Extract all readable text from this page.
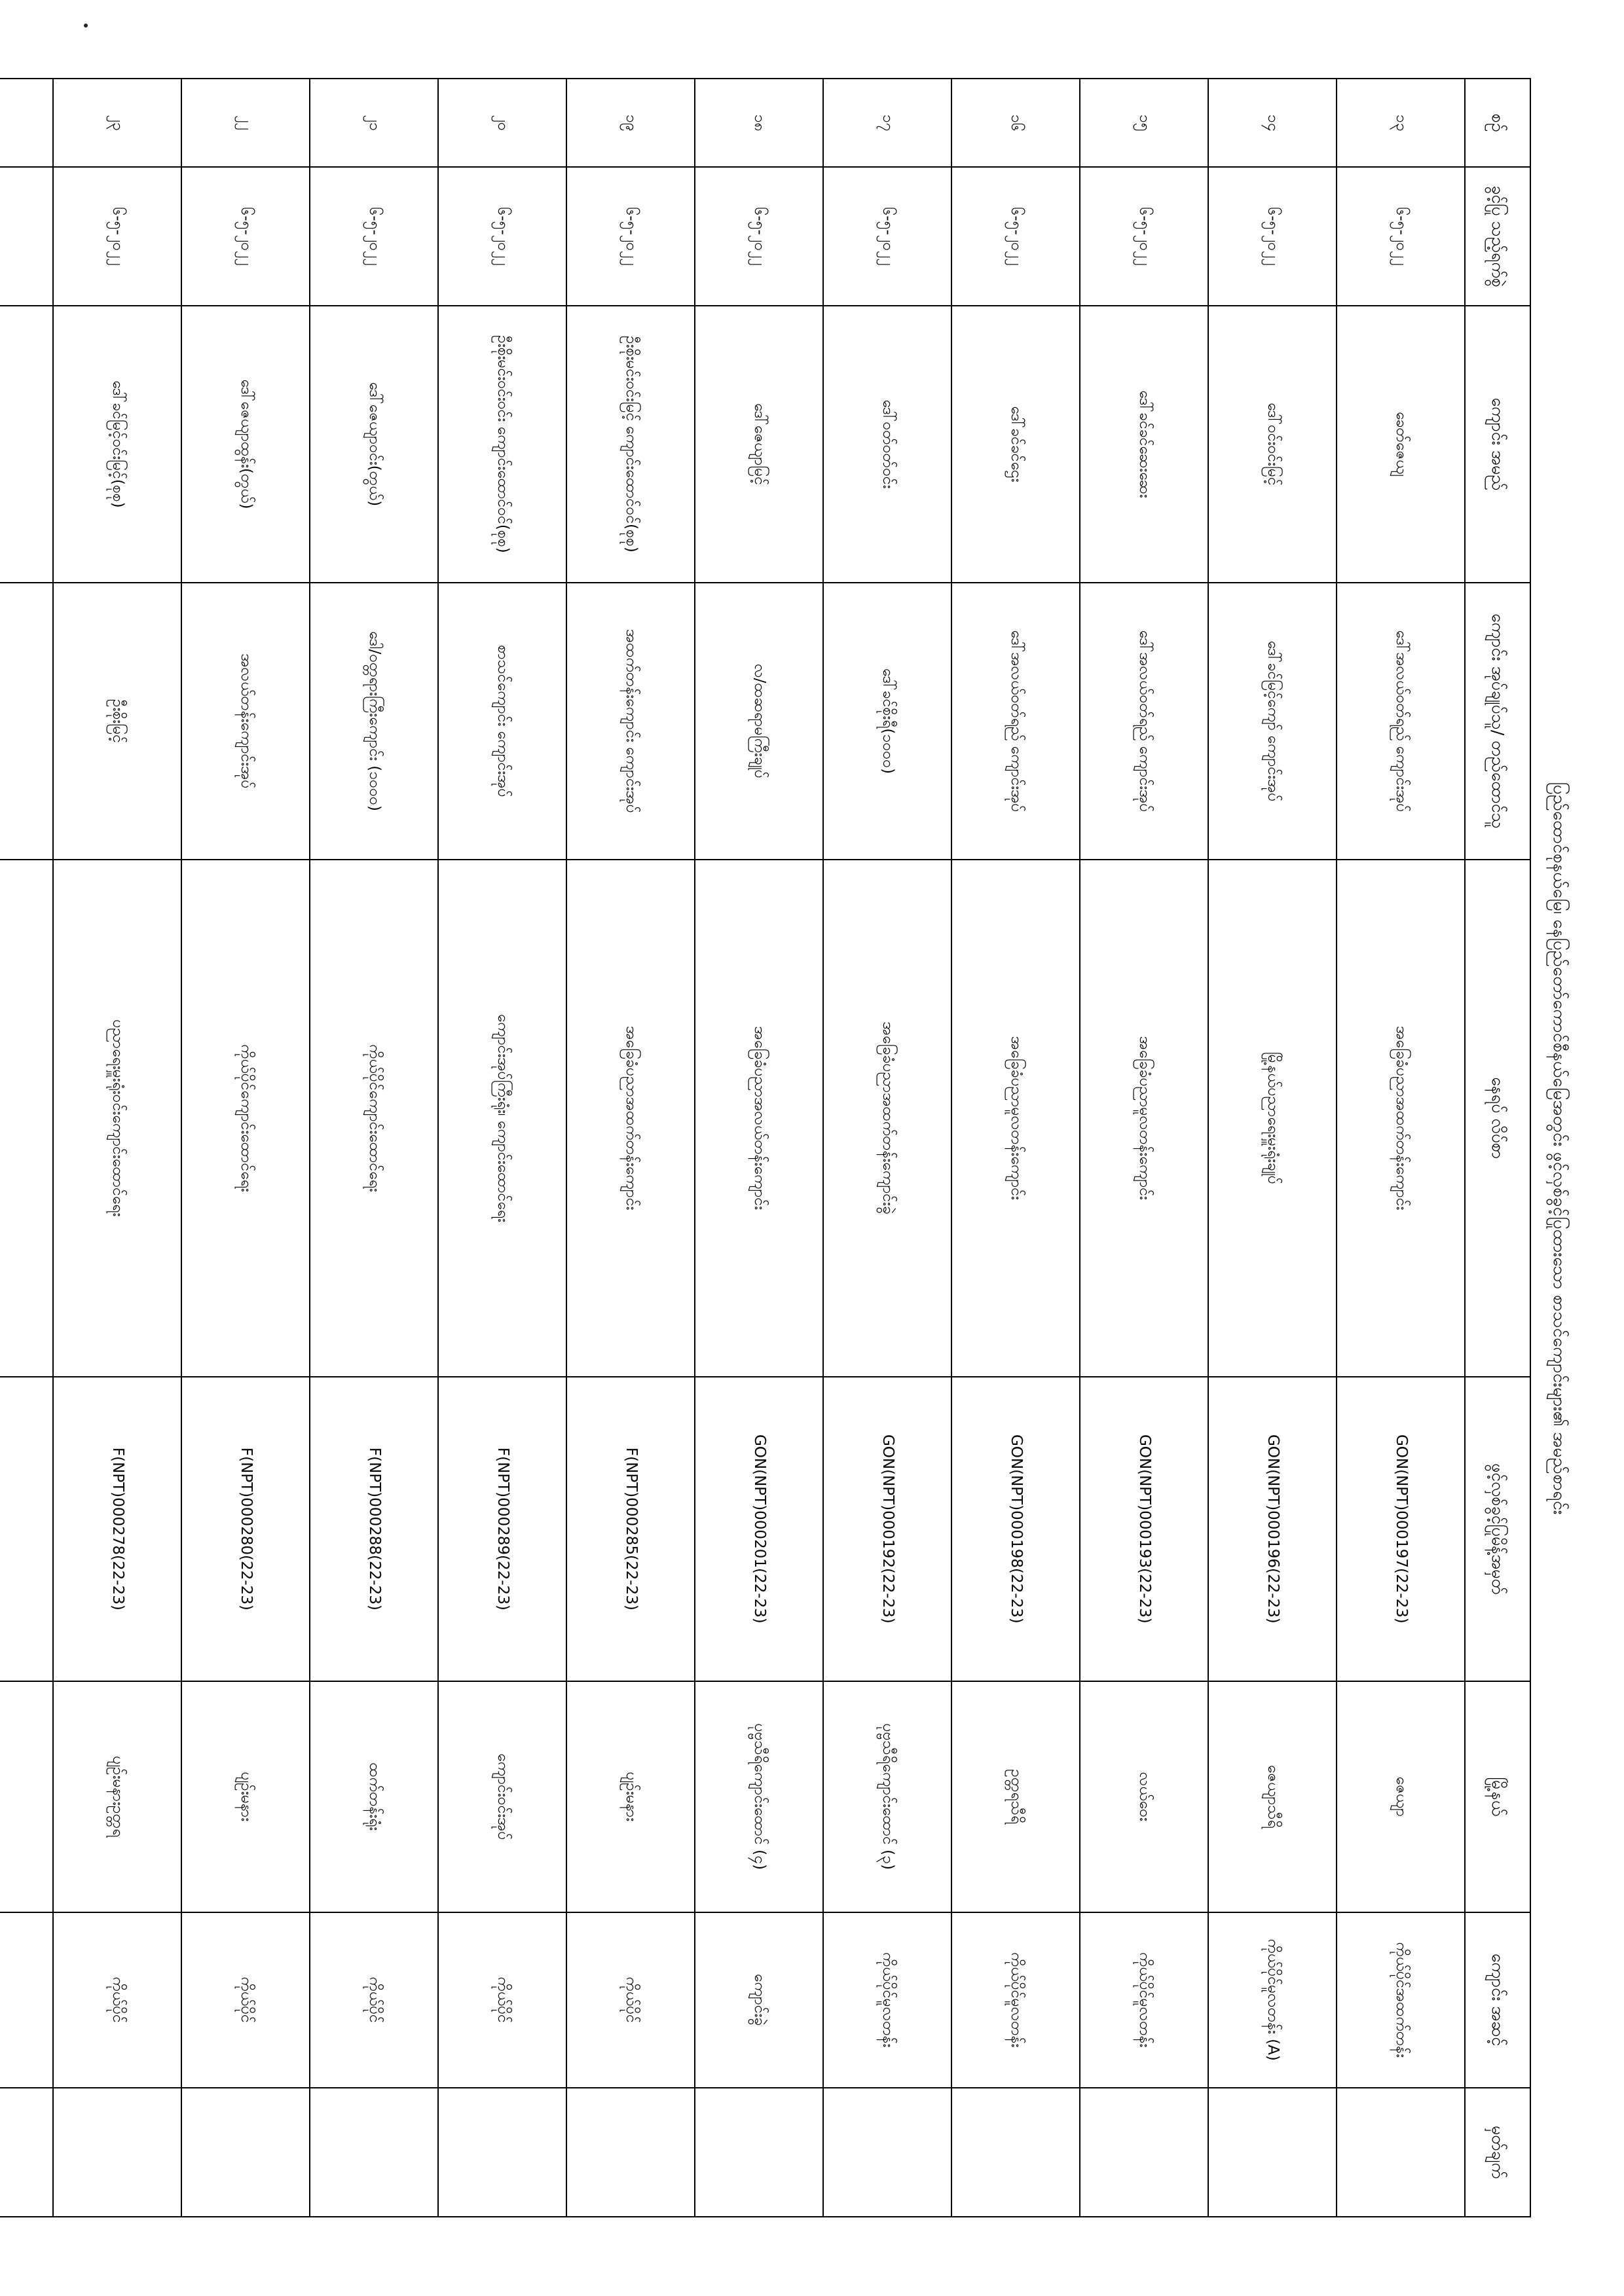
ပြည်ထောင်စုနယ်မြေ၊ နေပြည်တော်ကောင်စီနယ်မြေအတွင်း ဖွင့်လှစ်ခွင့်ပြုထားသော စာသင်ကျောင်းများ၏ အမည်စာရင်း
စဉ်	ခွင့်ပြု သည့်ရက်စွဲ	ကျောင်း အမည်	ကျောင်း အုပ်ချုပ်သူ/ တည်ထောင်သူ	နေရပ် လိပ်စာ	ဖွင့်လှစ်ခွင့်ပြုမိန့်အမှတ်	မြို့နယ်	ကျောင်း အဆင့်	မှတ်ချက်
၁၃	၆-၅-၂၀၂၂	ခေတ်ဇေယျ	ဒေါ်အလယ်ဝတ်ရည် ကျောင်းအုပ်	အခြေခံပညာအထက်တန်းကျောင်း	GON(NPT)000197(22-23)	ဇေယျာ	ကိုယ်ပိုင်အထက်တန်း	
၁၄	၆-၅-၂၀၂၂	ဒေါ်ဝင်းဝင်းမြင့်	ဒေါ်ခင်မြင့်ကျော် ကျောင်းအုပ်	မြို့နယ်ပညာရေးမှူးရုံးချုပ်	GON(NPT)000196(22-23)	ဇေယျာသီရိ	ကိုယ်ပိုင်မူလတန်း (A)	
၁၅	၆-၅-၂၀၂၂	ဒေါ်ခင်ခင်ဆေးဆေး	ဒေါ်အလယ်ဝတ်ရည် ကျောင်းအုပ်	အခြေခံပညာမူလတန်းကျောင်း	GON(NPT)000193(22-23)	လယ်ဝေး	ကိုယ်ပိုင်မူလတန်း	
၁၆	၆-၅-၂၀၂၂	ဒေါ်ခင်ခင်ဌေး	ဒေါ်အလယ်ဝတ်ရည် ကျောင်းအုပ်	အခြေခံပညာမူလတန်းကျောင်း	GON(NPT)000198(22-23)	ဥတ္တရသီရိ	ကိုယ်ပိုင်မူလတန်း	
၁၇	၆-၅-၂၀၂၂	ဒေါ်ဝတ်ဝတ်ဝင်း	ဒေါ်ခင်စိုးရီ(၁၀၀၀)	အခြေခံပညာအထက်တန်းကျောင်းခွဲ	GON(NPT)000192(22-23)	ပုဗ္ဗသီရိကျောင်းထောင် (၃)	ကိုယ်ပိုင်မူလတန်း	
၁၈	၆-၅-၂၀၂၂	ဒေါ်ဇေယျာမြင့်	လ/ထဆရာမကြီးချုပ်	အခြေခံပညာအလယ်တန်းကျောင်း	GON(NPT)000201(22-23)	ပုဗ္ဗသီရိကျောင်းထောင် (၄)	ကျောင်းခွဲ	
၁၉	၆-၅-၂၀၂၂	ဦးစိုးမင်းဝင်းမြင့် ကျောင်းထောင်ဝင်(စုစု)	အထက်တန်းကျောင်း ကျောင်းအုပ်	အခြေခံပညာအထက်တန်းကျောင်း	F(NPT)000285(22-23)	ပျဉ်းမနား	ကိုယ်ပိုင်	
၂၀	၆-၅-၂၀၂၂	ဦးစိုးမင်းဝင်းဝင်း ကျောင်းထောင်ဝင်(စုစု)	စာသင်ကျောင်း ကျောင်းအုပ်	ကျောင်းအုပ်ကြီးရုံး၊ ကျောင်းထောင်ရေး	F(NPT)000289(22-23)	ကျောင်းဝင်းအုပ်	ကိုယ်ပိုင်	
၂၁	၆-၅-၂၀၂၂	ဒေါ်ဇေယျာဝင်း(တွယ်)	ဒေါ/ဝတ္တရားကြီးကျောင်း (၁၀၀၀)	ကိုယ်ပိုင်ကျောင်းထောင်ရေး	F(NPT)000288(22-23)	ထက်တန်းရုံး	ကိုယ်ပိုင်	
၂၂	၆-၅-၂၀၂၂	ဒေါ်ဇေယျာထွန်း(တွယ်)	အလယ်တန်းကျောင်းအုပ်	ကိုယ်ပိုင်ကျောင်းထောင်ရေး	F(NPT)000280(22-23)	ပျဉ်းမနား	ကိုယ်ပိုင်	
၂၃	၆-၅-၂၀၂၂	ဒေါ်ခင်မြင့်ဝင်းမြင့်(စုစု)	ဦးစိုးမြင့်	ပညာရေးမှူးရုံးဝင်းကျောင်းထောင်ရေး	F(NPT)000278(22-23)	ပျဉ်းမနားဥတ္တရ	ကိုယ်ပိုင်	
